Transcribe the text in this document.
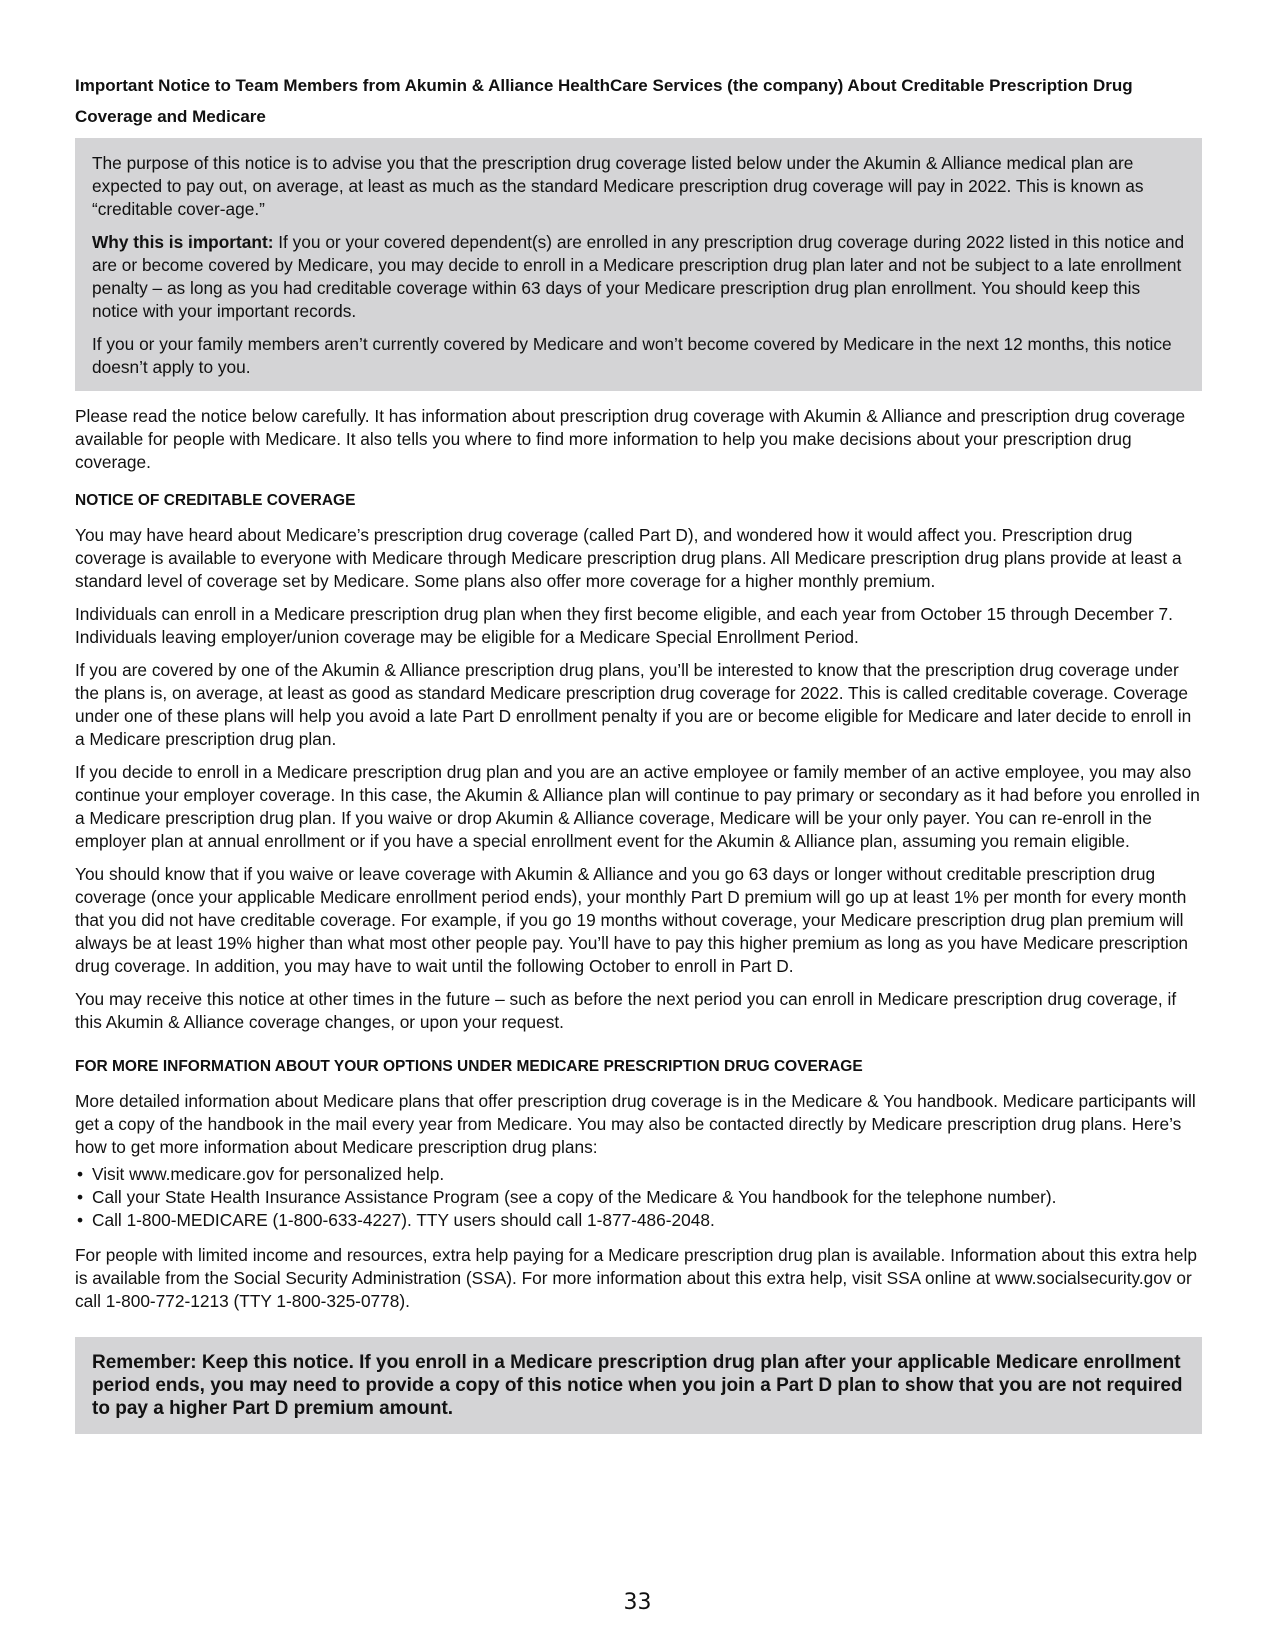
Important Notice to Team Members from Akumin & Alliance HealthCare Services (the company) About Creditable Prescription Drug Coverage and Medicare

The purpose of this notice is to advise you that the prescription drug coverage listed below under the Akumin & Alliance medical plan are expected to pay out, on average, at least as much as the standard Medicare prescription drug coverage will pay in 2022. This is known as “creditable cover-age.”

Why this is important: If you or your covered dependent(s) are enrolled in any prescription drug coverage during 2022 listed in this notice and are or become covered by Medicare, you may decide to enroll in a Medicare prescription drug plan later and not be subject to a late enrollment penalty – as long as you had creditable coverage within 63 days of your Medicare prescription drug plan enrollment. You should keep this notice with your important records.

If you or your family members aren’t currently covered by Medicare and won’t become covered by Medicare in the next 12 months, this notice doesn’t apply to you.

Please read the notice below carefully. It has information about prescription drug coverage with Akumin & Alliance and prescription drug coverage available for people with Medicare. It also tells you where to find more information to help you make decisions about your prescription drug coverage.

NOTICE OF CREDITABLE COVERAGE

You may have heard about Medicare’s prescription drug coverage (called Part D), and wondered how it would affect you. Prescription drug coverage is available to everyone with Medicare through Medicare prescription drug plans. All Medicare prescription drug plans provide at least a standard level of coverage set by Medicare. Some plans also offer more coverage for a higher monthly premium.

Individuals can enroll in a Medicare prescription drug plan when they first become eligible, and each year from October 15 through December 7. Individuals leaving employer/union coverage may be eligible for a Medicare Special Enrollment Period.

If you are covered by one of the Akumin & Alliance prescription drug plans, you’ll be interested to know that the prescription drug coverage under the plans is, on average, at least as good as standard Medicare prescription drug coverage for 2022. This is called creditable coverage. Coverage under one of these plans will help you avoid a late Part D enrollment penalty if you are or become eligible for Medicare and later decide to enroll in a Medicare prescription drug plan.

If you decide to enroll in a Medicare prescription drug plan and you are an active employee or family member of an active employee, you may also continue your employer coverage. In this case, the Akumin & Alliance plan will continue to pay primary or secondary as it had before you enrolled in a Medicare prescription drug plan. If you waive or drop Akumin & Alliance coverage, Medicare will be your only payer. You can re-enroll in the employer plan at annual enrollment or if you have a special enrollment event for the Akumin & Alliance plan, assuming you remain eligible.

You should know that if you waive or leave coverage with Akumin & Alliance and you go 63 days or longer without creditable prescription drug coverage (once your applicable Medicare enrollment period ends), your monthly Part D premium will go up at least 1% per month for every month that you did not have creditable coverage. For example, if you go 19 months without coverage, your Medicare prescription drug plan premium will always be at least 19% higher than what most other people pay. You’ll have to pay this higher premium as long as you have Medicare prescription drug coverage. In addition, you may have to wait until the following October to enroll in Part D.

You may receive this notice at other times in the future – such as before the next period you can enroll in Medicare prescription drug coverage, if this Akumin & Alliance coverage changes, or upon your request.

FOR MORE INFORMATION ABOUT YOUR OPTIONS UNDER MEDICARE PRESCRIPTION DRUG COVERAGE

More detailed information about Medicare plans that offer prescription drug coverage is in the Medicare & You handbook. Medicare participants will get a copy of the handbook in the mail every year from Medicare. You may also be contacted directly by Medicare prescription drug plans. Here’s how to get more information about Medicare prescription drug plans:

• Visit www.medicare.gov for personalized help.
• Call your State Health Insurance Assistance Program (see a copy of the Medicare & You handbook for the telephone number).
• Call 1-800-MEDICARE (1-800-633-4227). TTY users should call 1-877-486-2048.

For people with limited income and resources, extra help paying for a Medicare prescription drug plan is available. Information about this extra help is available from the Social Security Administration (SSA). For more information about this extra help, visit SSA online at www.socialsecurity.gov or call 1-800-772-1213 (TTY 1-800-325-0778).

Remember: Keep this notice. If you enroll in a Medicare prescription drug plan after your applicable Medicare enrollment period ends, you may need to provide a copy of this notice when you join a Part D plan to show that you are not required to pay a higher Part D premium amount.
33
